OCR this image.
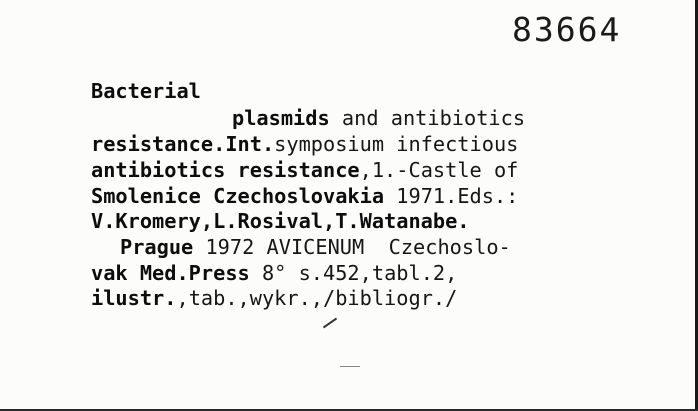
83664
Bacterial
plasmids and antibiotics
resistance.Int.symposium infectious
antibiotics resistance,1.-Castle of
Smolenice Czechoslovakia 1971.Eds.:
V.Kromery,L.Rosival,T.Watanabe.
Prague 1972 AVICENUM  Czechoslo-
vak Med.Press 8° s.452,tabl.2,
ilustr.,tab.,wykr.,/bibliogr./
